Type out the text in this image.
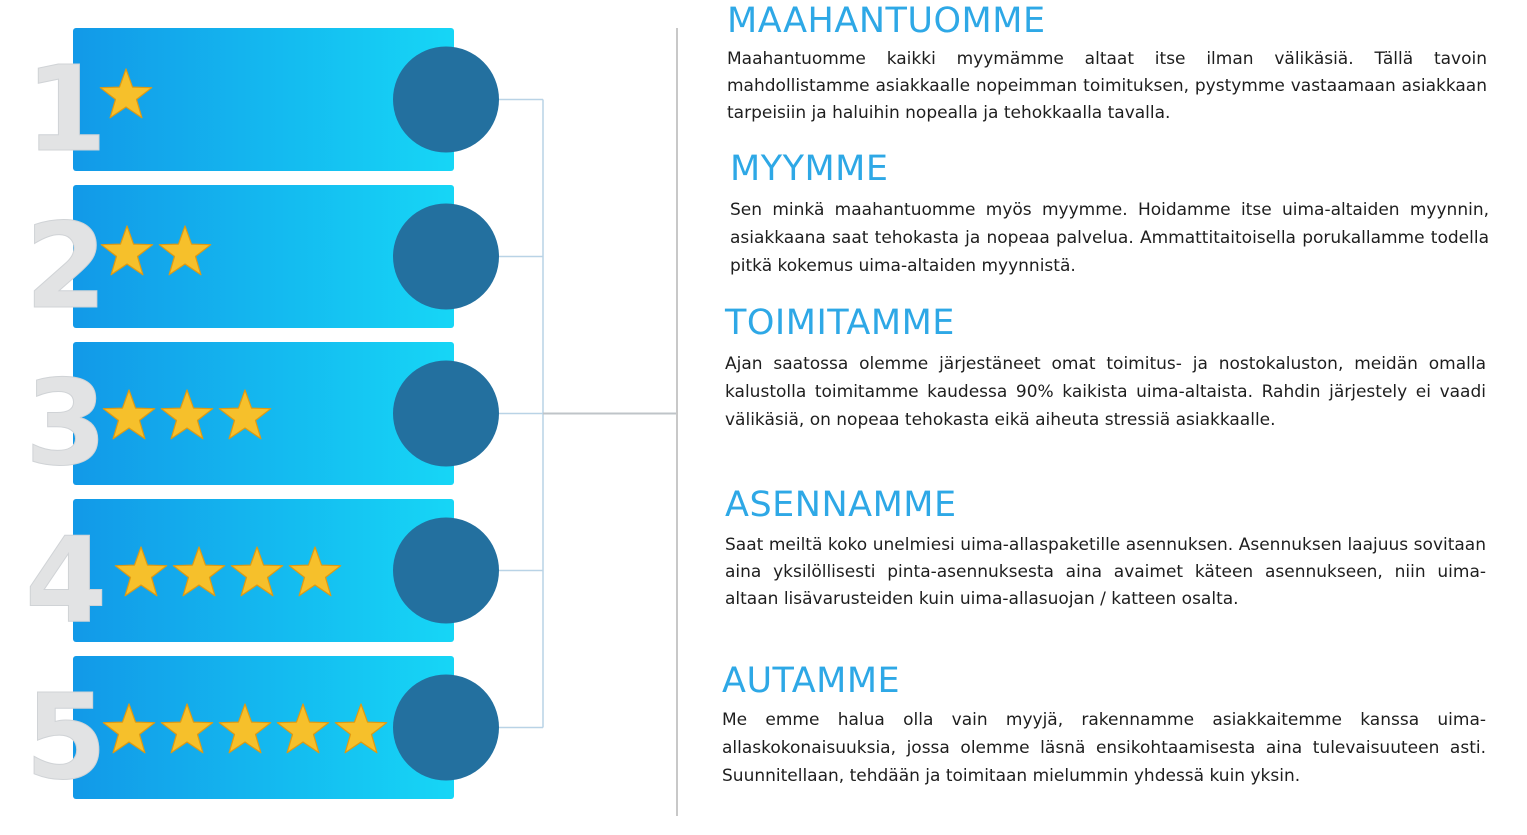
1
2
3
4
5
MAAHANTUOMME

Maahantuomme kaikki myymämme altaat itse ilman välikäsiä. Tällä tavoin mahdollistamme asiakkaalle nopeimman toimituksen, pystymme vastaamaan asiakkaan tarpeisiin ja haluihin nopealla ja tehokkaalla tavalla.

MYYMME

Sen minkä maahantuomme myös myymme. Hoidamme itse uima-altaiden myynnin, asiakkaana saat tehokasta ja nopeaa palvelua. Ammattitaitoisella porukallamme todella pitkä kokemus uima-altaiden myynnistä.

TOIMITAMME

Ajan saatossa olemme järjestäneet omat toimitus- ja nostokaluston, meidän omalla kalustolla toimitamme kaudessa 90% kaikista uima-altaista. Rahdin järjestely ei vaadi välikäsiä, on nopeaa tehokasta eikä aiheuta stressiä asiakkaalle.

ASENNAMME

Saat meiltä koko unelmiesi uima-allaspaketille asennuksen. Asennuksen laajuus sovitaan aina yksilöllisesti pinta-asennuksesta aina avaimet käteen asennukseen, niin uima-altaan lisävarusteiden kuin uima-allasuojan / katteen osalta.

AUTAMME

Me emme halua olla vain myyjä, rakennamme asiakkaitemme kanssa uima-allaskokonaisuuksia, jossa olemme läsnä ensikohtaamisesta aina tulevaisuuteen asti. Suunnitellaan, tehdään ja toimitaan mielummin yhdessä kuin yksin.
